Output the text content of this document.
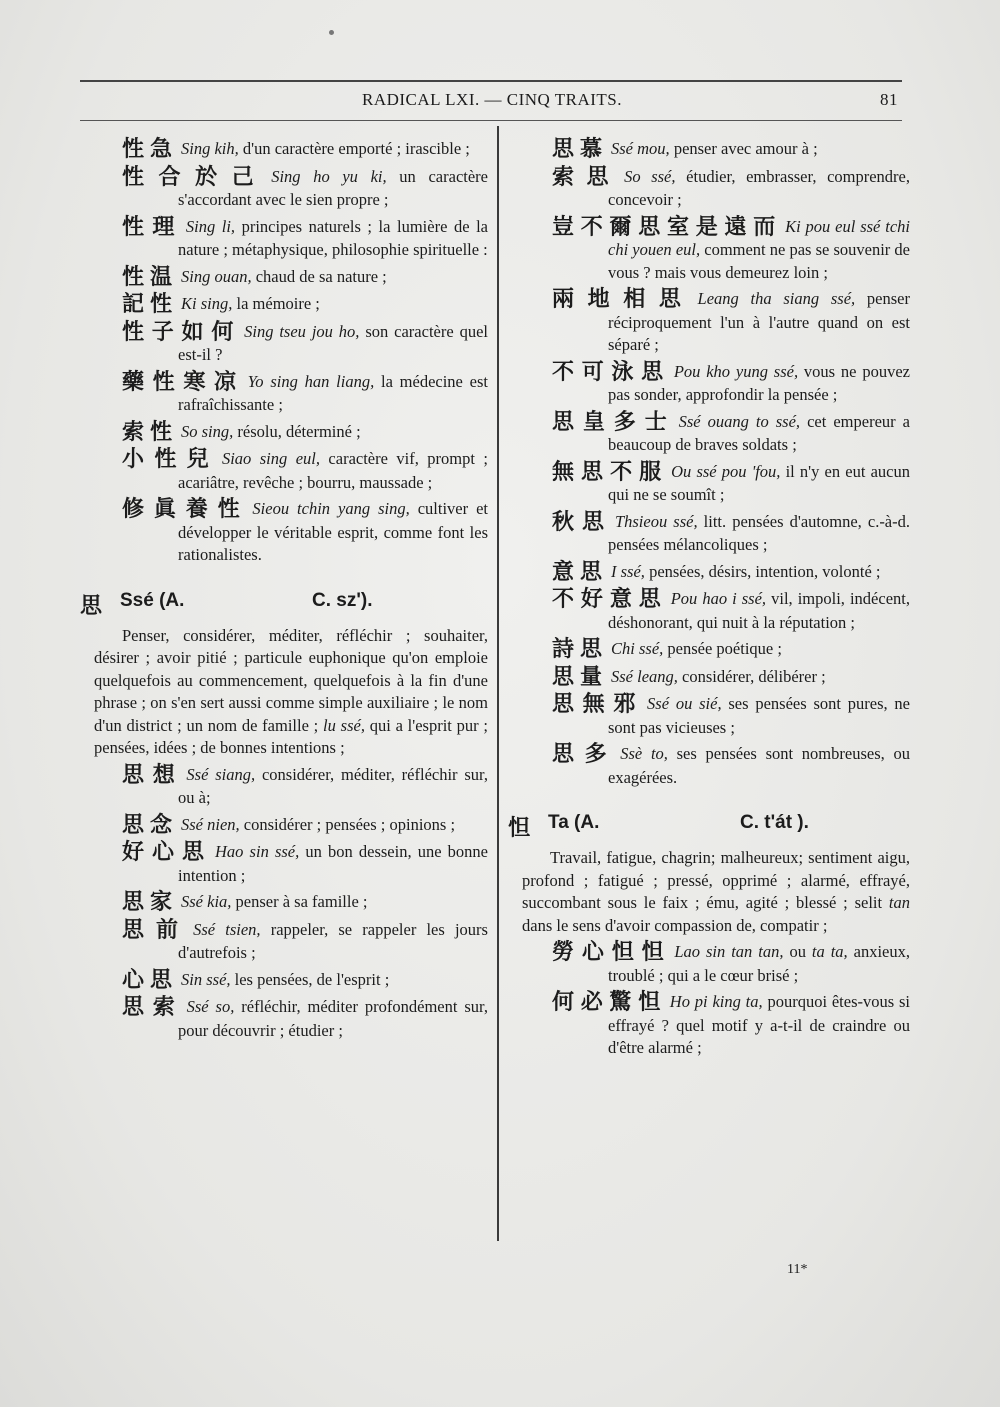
RADICAL LXI. — CINQ TRAITS.	81
性急 Sing kih, d'un caractère emporté ; irascible ;
性合於己 Sing ho yu ki, un caractère s'accordant avec le sien propre ;
性理 Sing li, principes naturels ; la lumière de la nature ; métaphysique, philosophie spirituelle :
性温 Sing ouan, chaud de sa nature ;
記性 Ki sing, la mémoire ;
性子如何 Sing tseu jou ho, son caractère quel est-il ?
藥性寒凉 Yo sing han liang, la médecine est rafraîchissante ;
索性 So sing, résolu, déterminé ;
小性兒 Siao sing eul, caractère vif, prompt ; acariâtre, revêche ; bourru, maussade ;
修眞養性 Sieou tchin yang sing, cultiver et développer le véritable esprit, comme font les rationalistes.
思 Ssé (A.	C. sz').
Penser, considérer, méditer, réfléchir ; souhaiter, désirer ; avoir pitié ; particule euphonique qu'on emploie quelquefois au commencement, quelquefois à la fin d'une phrase ; on s'en sert aussi comme simple auxiliaire ; le nom d'un district ; un nom de famille ; lu ssé, qui a l'esprit pur ; pensées, idées ; de bonnes intentions ;
思想 Ssé siang, considérer, méditer, réfléchir sur, ou à;
思念 Ssé nien, considérer ; pensées ; opinions ;
好心思 Hao sin ssé, un bon dessein, une bonne intention ;
思家 Ssé kia, penser à sa famille ;
思前 Ssé tsien, rappeler, se rappeler les jours d'autrefois ;
心思 Sin ssé, les pensées, de l'esprit ;
思索 Ssé so, réfléchir, méditer profondément sur, pour découvrir ; étudier ;
思慕 Ssé mou, penser avec amour à ;
索思 So ssé, étudier, embrasser, comprendre, concevoir ;
豈不爾思室是遠而 Ki pou eul ssé tchi chi youen eul, comment ne pas se souvenir de vous ? mais vous demeurez loin ;
兩地相思 Leang tha siang ssé, penser réciproquement l'un à l'autre quand on est séparé ;
不可泳思 Pou kho yung ssé, vous ne pouvez pas sonder, approfondir la pensée ;
思皇多士 Ssé ouang to ssé, cet empereur a beaucoup de braves soldats ;
無思不服 Ou ssé pou 'fou, il n'y en eut aucun qui ne se soumît ;
秋思 Thsieou ssé, litt. pensées d'automne, c.-à-d. pensées mélancoliques ;
意思 I ssé, pensées, désirs, intention, volonté ;
不好意思 Pou hao i ssé, vil, impoli, indécent, déshonorant, qui nuit à la réputation ;
詩思 Chi ssé, pensée poétique ;
思量 Ssé leang, considérer, délibérer ;
思無邪 Ssé ou sié, ses pensées sont pures, ne sont pas vicieuses ;
思多 Ssè to, ses pensées sont nombreuses, ou exagérées.
怛 Ta (A.	C. t'át ).
Travail, fatigue, chagrin; malheureux; sentiment aigu, profond ; fatigué ; pressé, opprimé ; alarmé, effrayé, succombant sous le faix ; ému, agité ; blessé ; selit tan dans le sens d'avoir compassion de, compatir ;
勞心怛怛 Lao sin tan tan, ou ta ta, anxieux, troublé ; qui a le cœur brisé ;
何必驚怛 Ho pi king ta, pourquoi êtes-vous si effrayé ? quel motif y a-t-il de craindre ou d'être alarmé ;
11*
